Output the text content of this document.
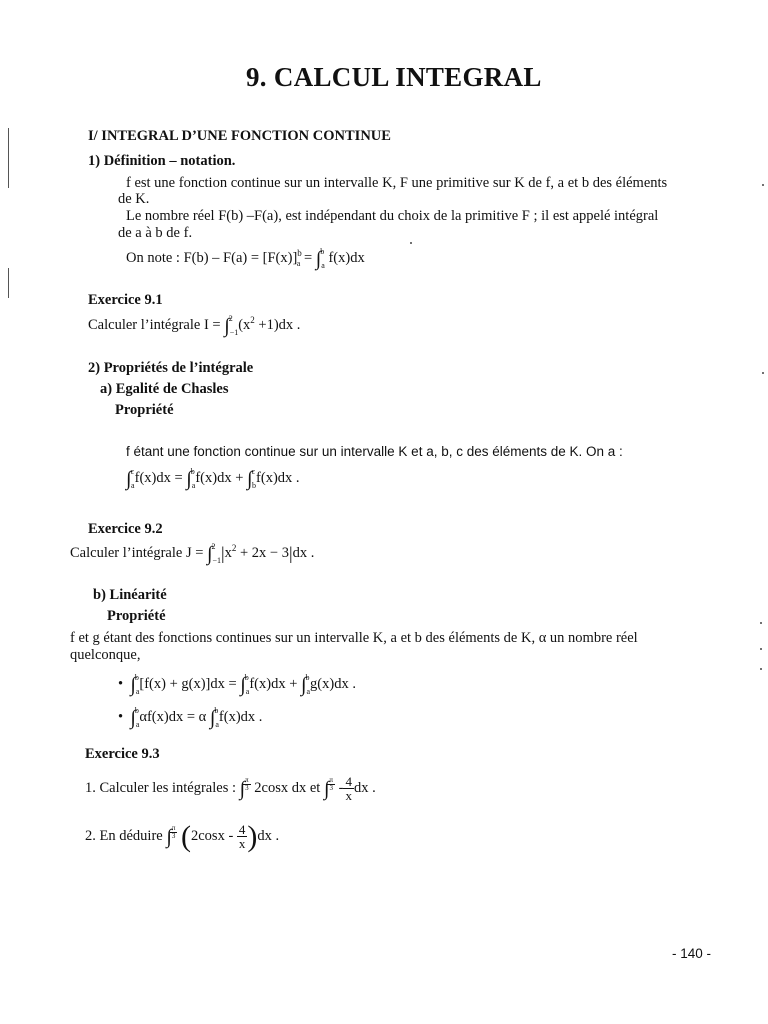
9. CALCUL INTEGRAL
I/ INTEGRAL D’UNE FONCTION CONTINUE
1) Définition – notation.
f est une fonction continue sur un intervalle K, F une primitive sur K de f, a et b des éléments
de K.
Le nombre réel F(b) –F(a), est indépendant du choix de la primitive F ; il est appelé intégral
de a à b de f.
On note : $F(b) - F(a) = [F(x)]^b_a = \int^b_a$ f(x)dx
Exercice 9.1
Calculer l’intégrale $I = \int^2_{-1}(x^2 +1)dx$ .
2) Propriétés de l’intégrale
a) Egalité de Chasles
Propriété
f étant une fonction continue sur un intervalle K et a, b, c des éléments de K. On a :
∫$^c_a$f(x)dx = ∫$^b_a$f(x)dx + ∫$^c_b$f(x)dx .
Exercice 9.2
Calculer l’intégrale $J = \int^2_{-1}|x^2 + 2x - 3|dx$ .
b) Linéarité
Propriété
f et g étant des fonctions continues sur un intervalle K, a et b des éléments de K, α un nombre réel
quelconque,
•  ∫$^b_a$[f(x) + g(x)]dx = ∫$^b_a$f(x)dx + ∫$^b_a$g(x)dx .
•  ∫$^b_a$αf(x)dx = α ∫$^b_a$f(x)dx .
Exercice 9.3
1. Calculer les intégrales : ∫
$\frac{\pi}{3} 2\cos x$ dx et ∫
$\frac{\pi}{3} - \frac{4}{x}$ dx .
2. En déduire ∫
$\frac{\pi}{3} (2\cos x - \frac{4}{x} )dx$ .
- 140 -
